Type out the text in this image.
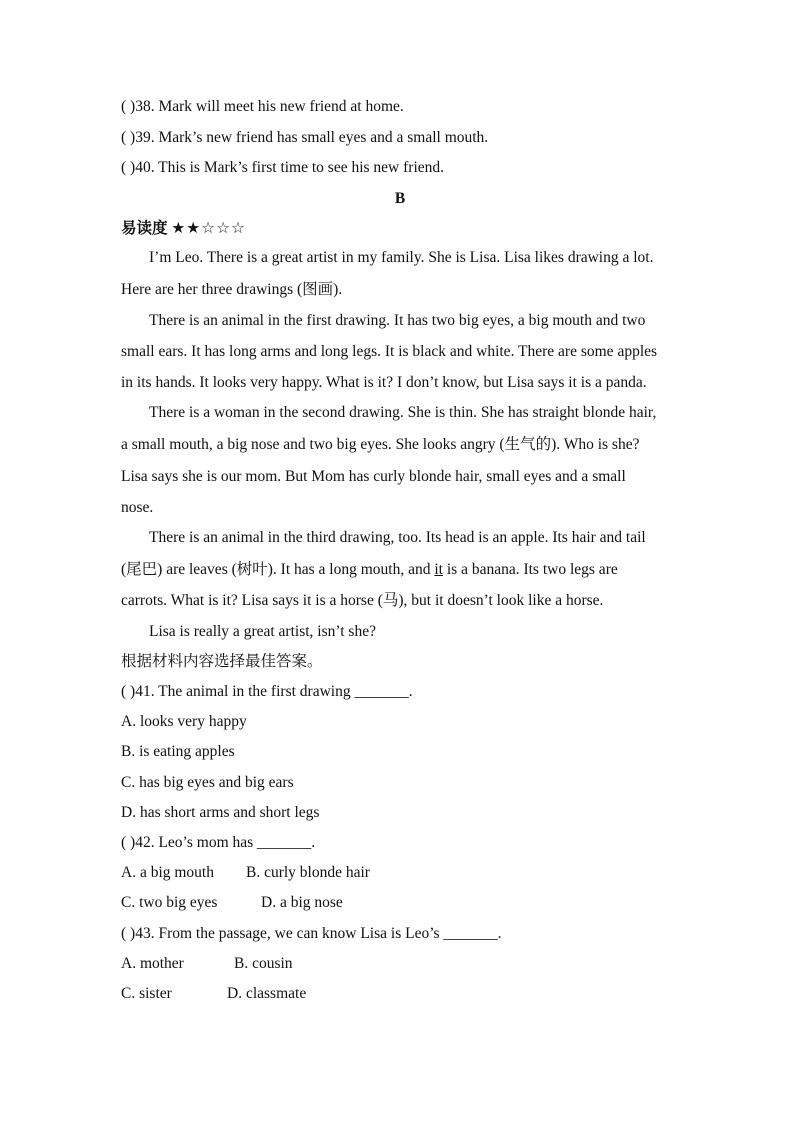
( )38. Mark will meet his new friend at home.
( )39. Mark’s new friend has small eyes and a small mouth.
( )40. This is Mark’s first time to see his new friend.
B
易读度 ★★☆☆☆
I’m Leo. There is a great artist in my family. She is Lisa. Lisa likes drawing a lot.
Here are her three drawings (图画).
There is an animal in the first drawing. It has two big eyes, a big mouth and two
small ears. It has long arms and long legs. It is black and white. There are some apples
in its hands. It looks very happy. What is it? I don’t know, but Lisa says it is a panda.
There is a woman in the second drawing. She is thin. She has straight blonde hair,
a small mouth, a big nose and two big eyes. She looks angry (生气的). Who is she?
Lisa says she is our mom. But Mom has curly blonde hair, small eyes and a small
nose.
There is an animal in the third drawing, too. Its head is an apple. Its hair and tail
(尾巴) are leaves (树叶). It has a long mouth, and it is a banana. Its two legs are
carrots. What is it? Lisa says it is a horse (马), but it doesn’t look like a horse.
Lisa is really a great artist, isn’t she?
根据材料内容选择最佳答案。
( )41. The animal in the first drawing _______.
A. looks very happy
B. is eating apples
C. has big eyes and big ears
D. has short arms and short legs
( )42. Leo’s mom has _______.
A. a big mouth B. curly blonde hair
C. two big eyes	D. a big nose
( )43. From the passage, we can know Lisa is Leo’s _______.
A. mother	B. cousin
C. sister	D. classmate
